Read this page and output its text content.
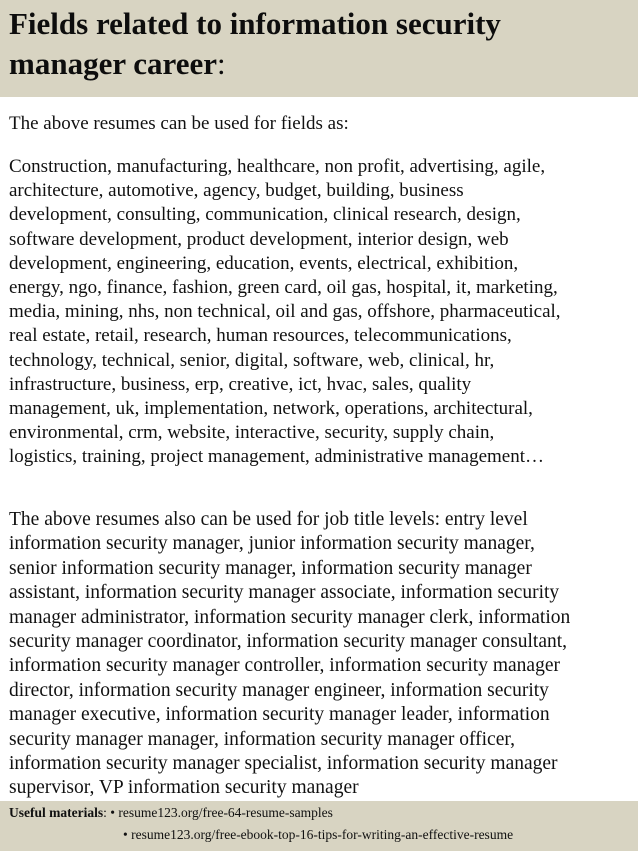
Fields related to information security
manager career:

The above resumes can be used for fields as:

Construction, manufacturing, healthcare, non profit, advertising, agile,
architecture, automotive, agency, budget, building, business
development, consulting, communication, clinical research, design,
software development, product development, interior design, web
development, engineering, education, events, electrical, exhibition,
energy, ngo, finance, fashion, green card, oil gas, hospital, it, marketing,
media, mining, nhs, non technical, oil and gas, offshore, pharmaceutical,
real estate, retail, research, human resources, telecommunications,
technology, technical, senior, digital, software, web, clinical, hr,
infrastructure, business, erp, creative, ict, hvac, sales, quality
management, uk, implementation, network, operations, architectural,
environmental, crm, website, interactive, security, supply chain,
logistics, training, project management, administrative management…

The above resumes also can be used for job title levels: entry level
information security manager, junior information security manager,
senior information security manager, information security manager
assistant, information security manager associate, information security
manager administrator, information security manager clerk, information
security manager coordinator, information security manager consultant,
information security manager controller, information security manager
director, information security manager engineer, information security
manager executive, information security manager leader, information
security manager manager, information security manager officer,
information security manager specialist, information security manager
supervisor, VP information security manager

Useful materials: • resume123.org/free-64-resume-samples
• resume123.org/free-ebook-top-16-tips-for-writing-an-effective-resume
